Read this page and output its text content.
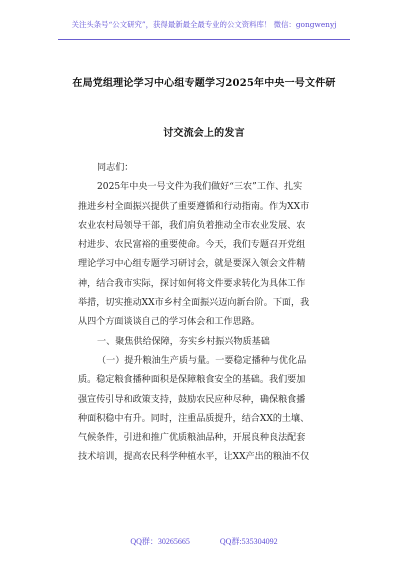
关注头条号“公文研究”，获得最新最全最专业的公文资料库！ 微信：gongwenyj
在局党组理论学习中心组专题学习2025年中央一号文件研
讨交流会上的发言
同志们：
2025年中央一号文件为我们做好“三农”工作、扎实
推进乡村全面振兴提供了重要遵循和行动指南。作为XX市
农业农村局领导干部，我们肩负着推动全市农业发展、农
村进步、农民富裕的重要使命。今天，我们专题召开党组
理论学习中心组专题学习研讨会，就是要深入领会文件精
神，结合我市实际，探讨如何将文件要求转化为具体工作
举措，切实推动XX市乡村全面振兴迈向新台阶。下面，我
从四个方面谈谈自己的学习体会和工作思路。
一、聚焦供给保障，夯实乡村振兴物质基础
（一）提升粮油生产质与量。一要稳定播种与优化品
质。稳定粮食播种面积是保障粮食安全的基础。我们要加
强宣传引导和政策支持，鼓励农民应种尽种，确保粮食播
种面积稳中有升。同时，注重品质提升，结合XX的土壤、
气候条件，引进和推广优质粮油品种，开展良种良法配套
技术培训，提高农民科学种植水平，让XX产出的粮油不仅
QQ群：30265665	QQ群:535304092
